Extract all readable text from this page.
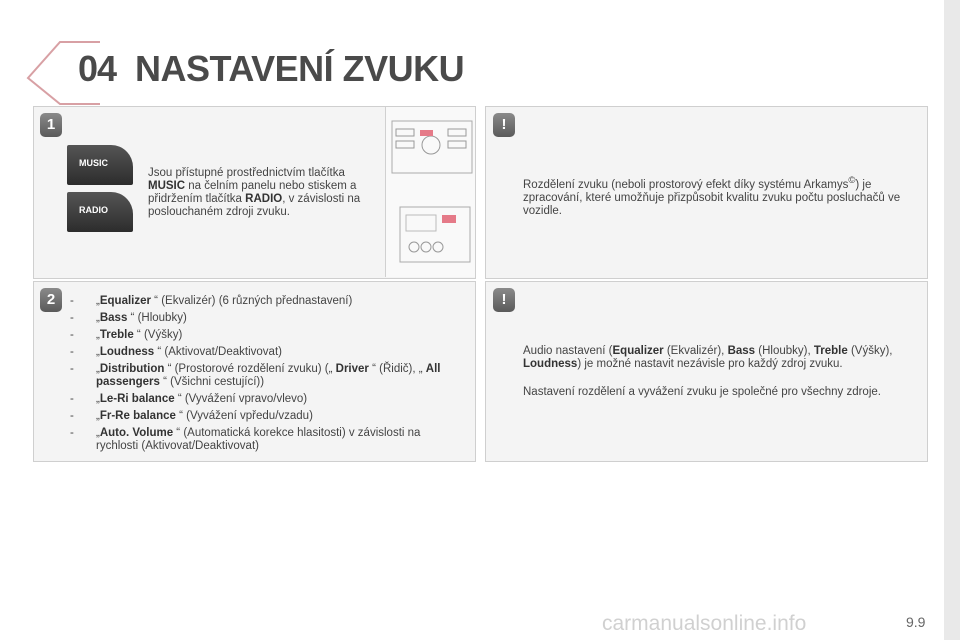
04 NASTAVENÍ ZVUKU
1
2
!
!
MUSIC
RADIO
Jsou přístupné prostřednictvím tlačítka MUSIC na čelním panelu nebo stiskem a přidržením tlačítka RADIO, v závislosti na poslouchaném zdroji zvuku.
- „Equalizer “ (Ekvalizér) (6 různých přednastavení)
- „Bass “ (Hloubky)
- „Treble “ (Výšky)
- „Loudness “ (Aktivovat/Deaktivovat)
- „Distribution “ (Prostorové rozdělení zvuku) („ Driver “ (Řidič), „ All passengers “ (Všichni cestující))
- „Le-Ri balance “ (Vyvážení vpravo/vlevo)
- „Fr-Re balance “ (Vyvážení vpředu/vzadu)
- „Auto. Volume “ (Automatická korekce hlasitosti) v závislosti na rychlosti (Aktivovat/Deaktivovat)
Rozdělení zvuku (neboli prostorový efekt díky systému Arkamys©) je zpracování, které umožňuje přizpůsobit kvalitu zvuku počtu posluchačů ve vozidle.
Audio nastavení (Equalizer (Ekvalizér), Bass (Hloubky), Treble (Výšky), Loudness) je možné nastavit nezávisle pro každý zdroj zvuku.
Nastavení rozdělení a vyvážení zvuku je společné pro všechny zdroje.
carmanualsonline.info	9.9
